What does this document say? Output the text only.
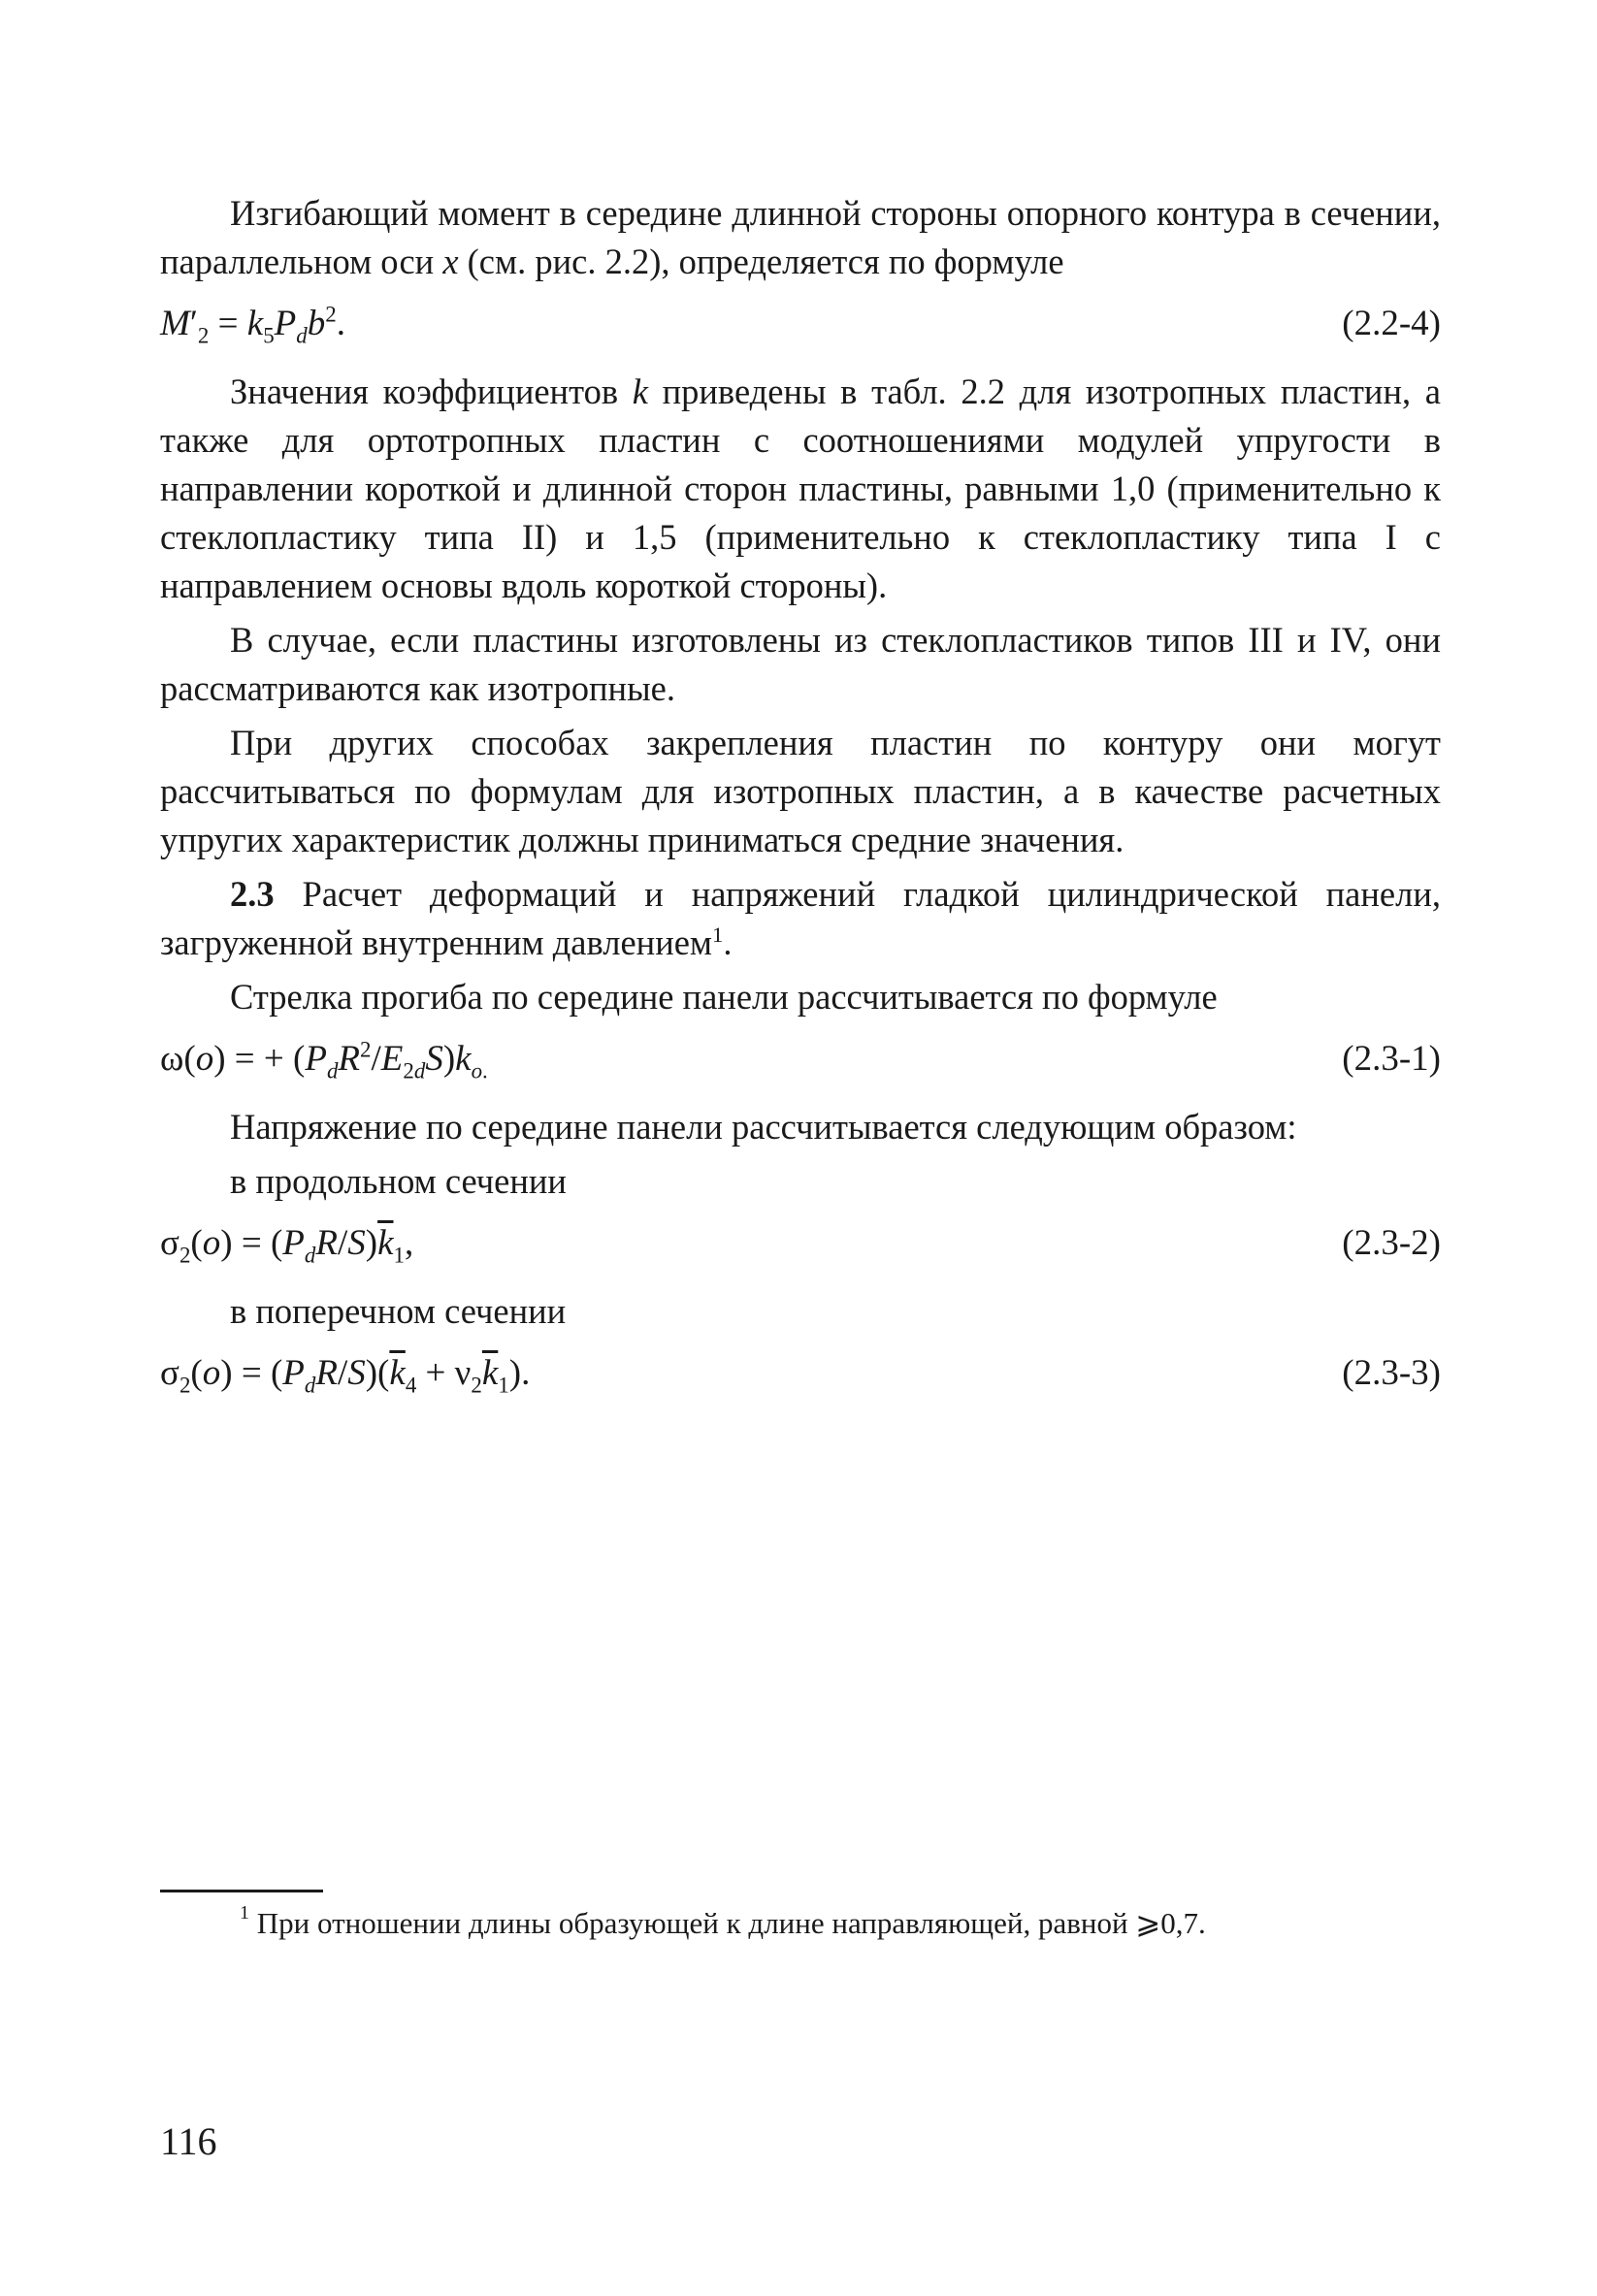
Изгибающий момент в середине длинной стороны опорного контура в сечении, параллельном оси x (см. рис. 2.2), определяется по формуле

$M'_2 = k_5P_db^2$.	(2.2-4)

Значения коэффициентов k приведены в табл. 2.2 для изотропных пластин, а также для ортотропных пластин с соотношениями модулей упругости в направлении короткой и длинной сторон пластины, равными 1,0 (применительно к стеклопластику типа II) и 1,5 (применительно к стеклопластику типа I с направлением основы вдоль короткой стороны).

В случае, если пластины изготовлены из стеклопластиков типов III и IV, они рассматриваются как изотропные.

При других способах закрепления пластин по контуру они могут рассчитываться по формулам для изотропных пластин, а в качестве расчетных упругих характеристик должны приниматься средние значения.

2.3 Расчет деформаций и напряжений гладкой цилиндрической панели, загруженной внутренним давлением$^1$.

Стрелка прогиба по середине панели рассчитывается по формуле

ω(o) = + $(P_dR^2/E_{2d}S)k_{o.}$	(2.3-1)

Напряжение по середине панели рассчитывается следующим образом:

в продольном сечении

$\sigma_2(o) = (P_dR/S)\overline{k}_1$,	(2.3-2)

в поперечном сечении

$\sigma_2(o) = (P_dR/S)(\overline{k}_4 + \nu_2\overline{k}_1)$.	(2.3-3)
$^1$ При отношении длины образующей к длине направляющей, равной ⩾0,7.
116
